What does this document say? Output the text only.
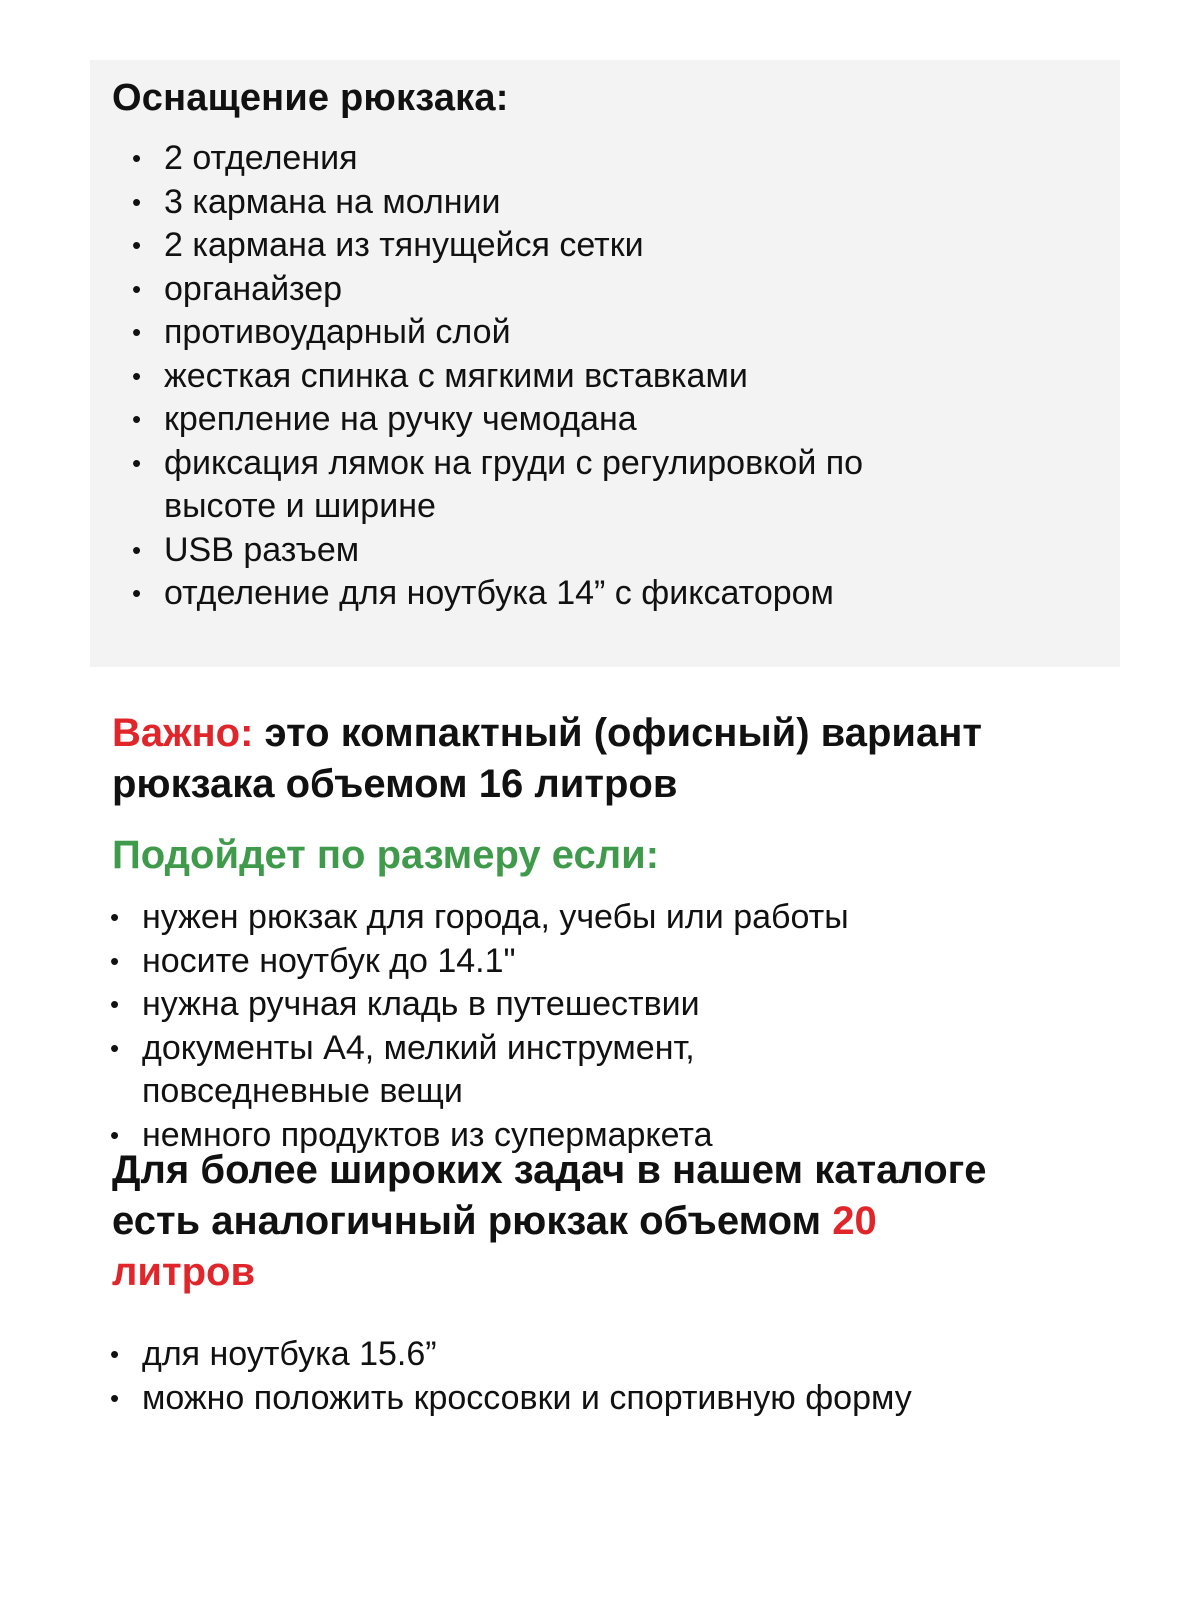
Оснащение рюкзака:
• 2 отделения
• 3 кармана на молнии
• 2 кармана из тянущейся сетки
• органайзер
• противоударный слой
• жесткая спинка с мягкими вставками
• крепление на ручку чемодана
• фиксация лямок на груди с регулировкой по
высоте и ширине
• USB разъем
• отделение для ноутбука 14” с фиксатором

Важно: это компактный (офисный) вариант

рюкзака объемом 16 литров

Подойдет по размеру если:

• нужен рюкзак для города, учебы или работы
• носите ноутбук до 14.1"
• нужна ручная кладь в путешествии
• документы А4, мелкий инструмент,
повседневные вещи
• немного продуктов из супермаркета

Для более широких задач в нашем каталоге

есть аналогичный рюкзак объемом 20

литров

• для ноутбука 15.6”
• можно положить кроссовки и спортивную форму
